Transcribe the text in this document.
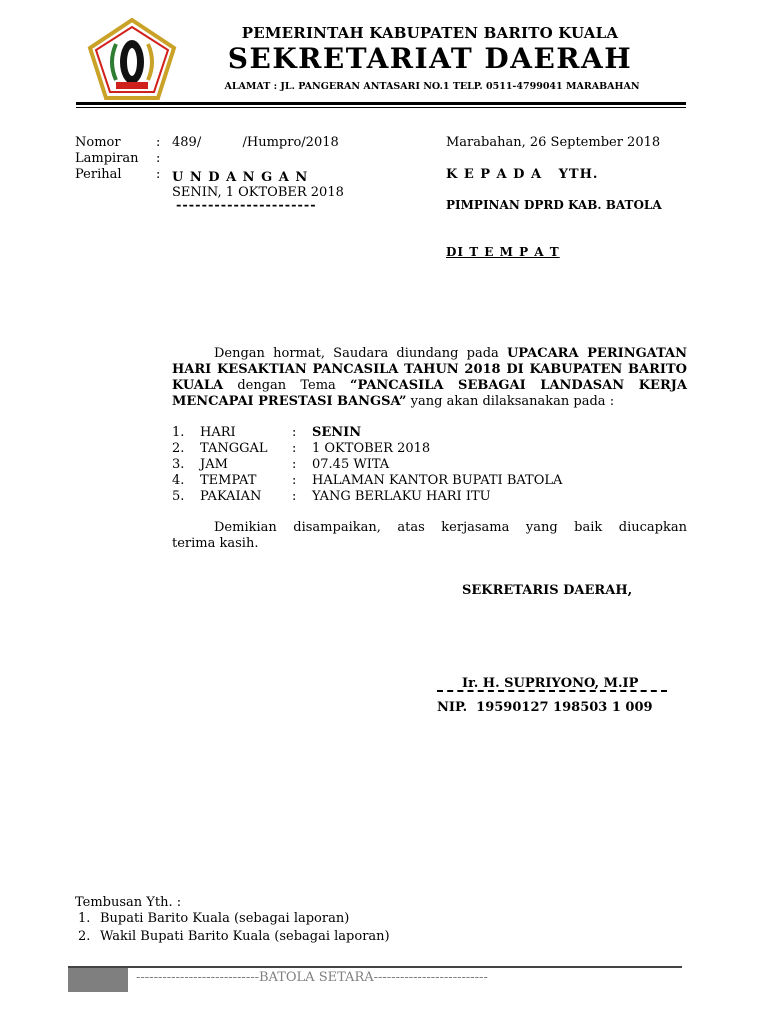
PEMERINTAH KABUPATEN BARITO KUALA
SEKRETARIAT DAERAH
ALAMAT : JL. PANGERAN ANTASARI NO.1 TELP. 0511-4799041 MARABAHAN
Nomor	: 489/          /Humpro/2018
Lampiran :
Perihal	: U N D A N G A N
SENIN, 1 OKTOBER 2018
----------------------
Marabahan, 26 September 2018
K E P A D A   YTH.
PIMPINAN DPRD KAB. BATOLA
DI T E M P A T
Dengan hormat, Saudara diundang pada UPACARA PERINGATAN
HARI KESAKTIAN PANCASILA TAHUN 2018 DI KABUPATEN BARITO
KUALA dengan Tema “PANCASILA SEBAGAI LANDASAN KERJA
MENCAPAI PRESTASI BANGSA” yang akan dilaksanakan pada :
1. HARI	: SENIN
2. TANGGAL : 1 OKTOBER 2018
3. JAM	: 07.45 WITA
4. TEMPAT	: HALAMAN KANTOR BUPATI BATOLA
5. PAKAIAN : YANG BERLAKU HARI ITU
Demikian disampaikan, atas kerjasama yang baik diucapkan
terima kasih.
SEKRETARIS DAERAH,
Ir. H. SUPRIYONO, M.IP
NIP.  19590127 198503 1 009
Tembusan Yth. :
1. Bupati Barito Kuala (sebagai laporan)
2. Wakil Bupati Barito Kuala (sebagai laporan)
----------------------------BATOLA SETARA--------------------------
